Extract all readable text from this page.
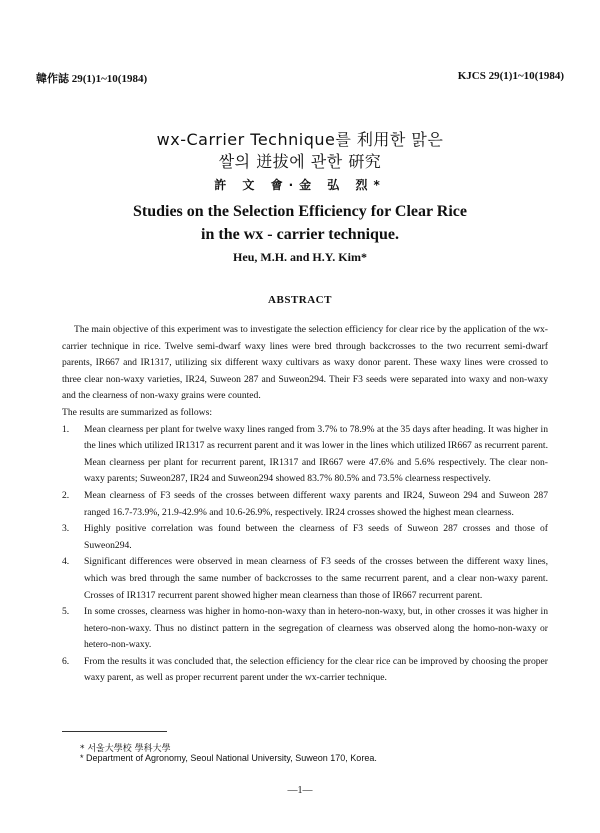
韓作誌 29(1)1~10(1984)	KJCS 29(1)1~10(1984)
wx-Carrier Technique를 利用한 맑은
쌀의 迸拔에 관한 硏究
許 文 會·金 弘 烈*
Studies on the Selection Efficiency for Clear Rice
in the wx - carrier technique.
Heu, M.H. and H.Y. Kim*
ABSTRACT

The main objective of this experiment was to investigate the selection efficiency for clear rice by the application of the wx-carrier technique in rice. Twelve semi-dwarf waxy lines were bred through backcrosses to the two recurrent semi-dwarf parents, IR667 and IR1317, utilizing six different waxy cultivars as waxy donor parent. These waxy lines were crossed to three clear non-waxy varieties, IR24, Suweon 287 and Suweon294. Their F3 seeds were separated into waxy and non-waxy and the clearness of non-waxy grains were counted.

The results are summarized as follows:

1. Mean clearness per plant for twelve waxy lines ranged from 3.7% to 78.9% at the 35 days after heading. It was higher in the lines which utilized IR1317 as recurrent parent and it was lower in the lines which utilized IR667 as recurrent parent. Mean clearness per plant for recurrent parent, IR1317 and IR667 were 47.6% and 5.6% respectively. The clear non-waxy parents; Suweon287, IR24 and Suweon294 showed 83.7% 80.5% and 73.5% clearness respectively.
2. Mean clearness of F3 seeds of the crosses between different waxy parents and IR24, Suweon 294 and Suweon 287 ranged 16.7-73.9%, 21.9-42.9% and 10.6-26.9%, respectively. IR24 crosses showed the highest mean clearness.
3. Highly positive correlation was found between the clearness of F3 seeds of Suweon 287 crosses and those of Suweon294.
4. Significant differences were observed in mean clearness of F3 seeds of the crosses between the different waxy lines, which was bred through the same number of backcrosses to the same recurrent parent, and a clear non-waxy parent. Crosses of IR1317 recurrent parent showed higher mean clearness than those of IR667 recurrent parent.
5. In some crosses, clearness was higher in homo-non-waxy than in hetero-non-waxy, but, in other crosses it was higher in hetero-non-waxy. Thus no distinct pattern in the segregation of clearness was observed along the homo-non-waxy or hetero-non-waxy.
6. From the results it was concluded that, the selection efficiency for the clear rice can be improved by choosing the proper waxy parent, as well as proper recurrent parent under the wx-carrier technique.
* 서울大學校 學科大學
* Department of Agronomy, Seoul National University, Suweon 170, Korea.
—1—
